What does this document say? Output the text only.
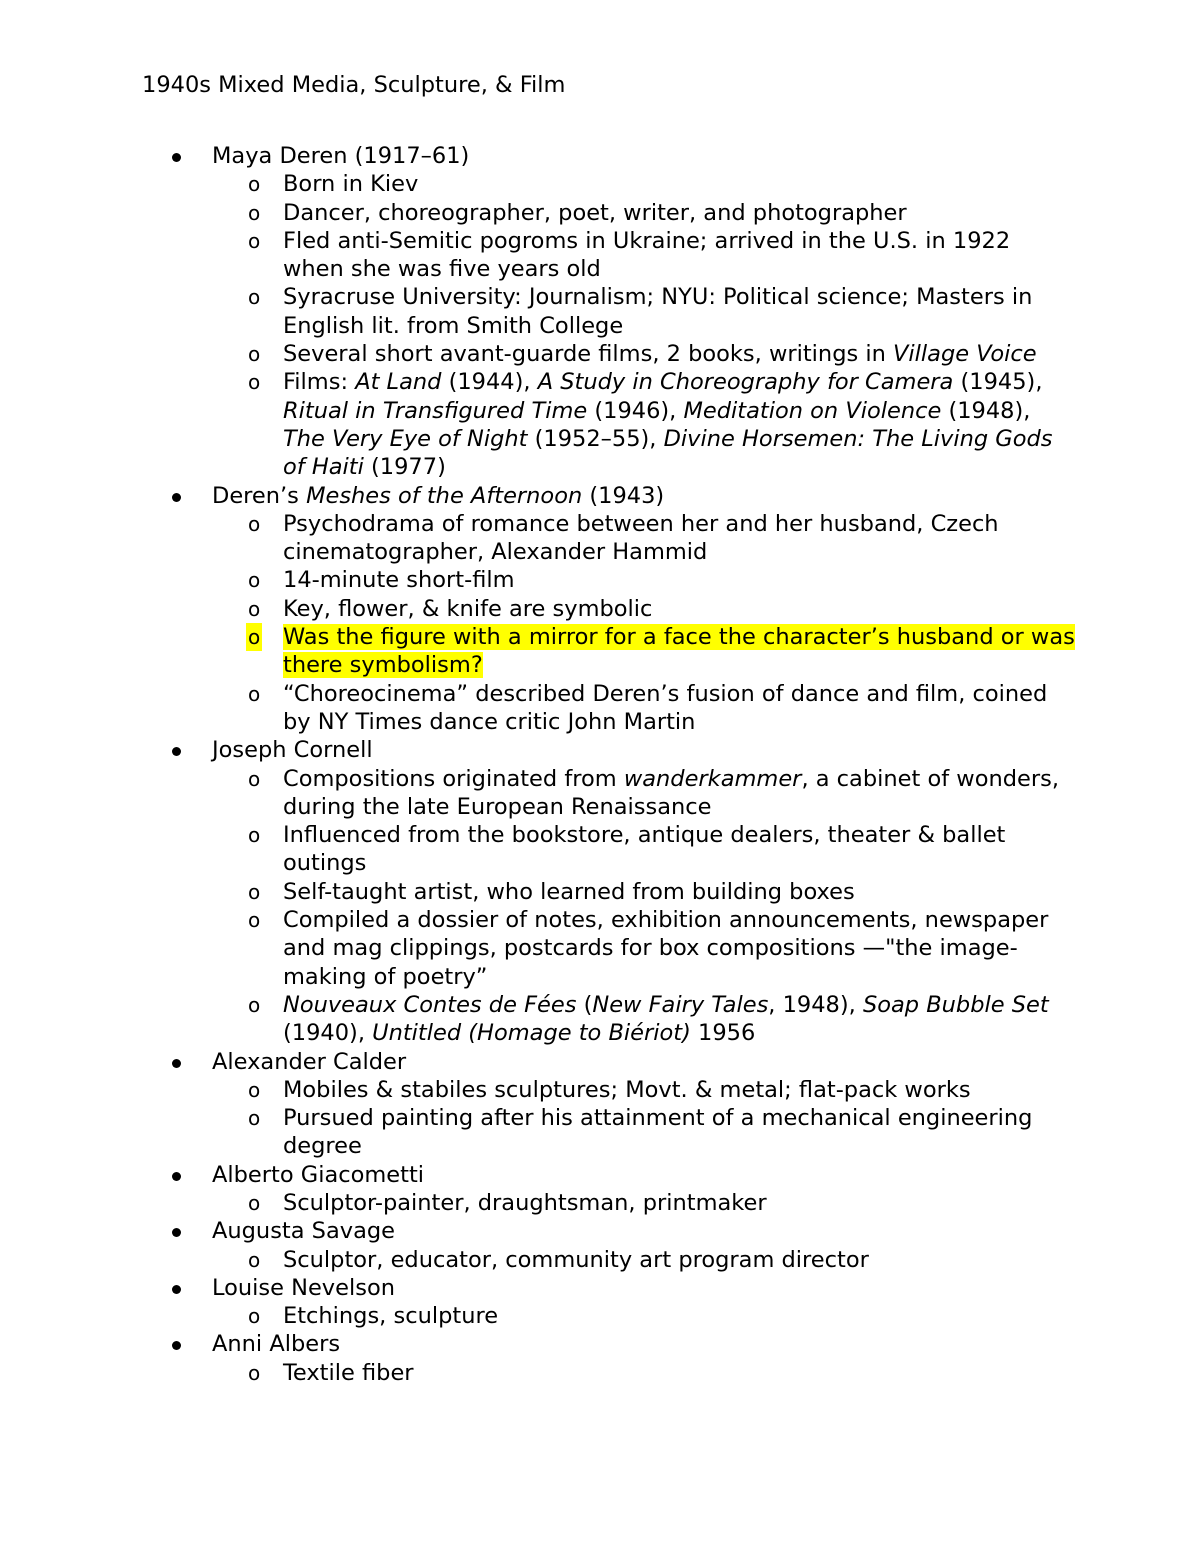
1940s Mixed Media, Sculpture, & Film
Maya Deren (1917–61)
o Born in Kiev
o Dancer, choreographer, poet, writer, and photographer
o Fled anti-Semitic pogroms in Ukraine; arrived in the U.S. in 1922 when she was five years old
o Syracruse University: Journalism; NYU: Political science; Masters in English lit. from Smith College
o Several short avant-guarde films, 2 books, writings in Village Voice
o Films: At Land (1944), A Study in Choreography for Camera (1945), Ritual in Transfigured Time (1946), Meditation on Violence (1948), The Very Eye of Night (1952–55), Divine Horsemen: The Living Gods of Haiti (1977)
Deren’s Meshes of the Afternoon (1943)
o Psychodrama of romance between her and her husband, Czech cinematographer, Alexander Hammid
o 14-minute short-film
o Key, flower, & knife are symbolic
o Was the figure with a mirror for a face the character’s husband or was there symbolism?
o “Choreocinema” described Deren’s fusion of dance and film, coined by NY Times dance critic John Martin
Joseph Cornell
o Compositions originated from wanderkammer, a cabinet of wonders, during the late European Renaissance
o Influenced from the bookstore, antique dealers, theater & ballet outings
o Self-taught artist, who learned from building boxes
o Compiled a dossier of notes, exhibition announcements, newspaper and mag clippings, postcards for box compositions —"the image-making of poetry”
o Nouveaux Contes de Fées (New Fairy Tales, 1948), Soap Bubble Set (1940), Untitled (Homage to Biériot) 1956
Alexander Calder
o Mobiles & stabiles sculptures; Movt. & metal; flat-pack works
o Pursued painting after his attainment of a mechanical engineering degree
Alberto Giacometti
o Sculptor-painter, draughtsman, printmaker
Augusta Savage
o Sculptor, educator, community art program director
Louise Nevelson
o Etchings, sculpture
Anni Albers
o Textile fiber
